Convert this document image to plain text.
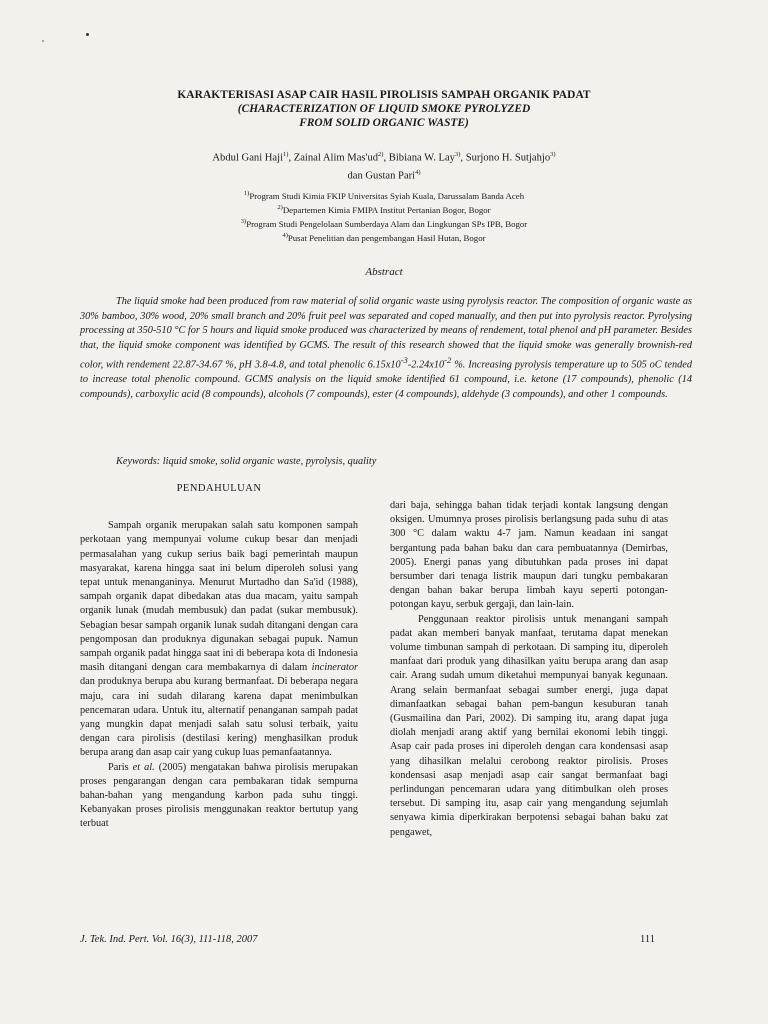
KARAKTERISASI ASAP CAIR HASIL PIROLISIS SAMPAH ORGANIK PADAT
(CHARACTERIZATION OF LIQUID SMOKE PYROLYZED
FROM SOLID ORGANIC WASTE)
Abdul Gani Haji$^{1)}$, Zainal Alim $Mas'ud^{2)}$, Bibiana W. Lay$^{3)}$, Surjono H. Sutjahjo$^{3)}$
dan Gustan Pari$^{4)}$
$^{1)}$Program Studi Kimia FKIP Universitas Syiah Kuala, Darussalam Banda Aceh
$^{2)}$Departemen Kimia FMIPA Institut Pertanian Bogor, Bogor
$^{3)}$Program Studi Pengelolaan Sumberdaya Alam dan Lingkungan SPs IPB, Bogor
$^{4)}$Pusat Penelitian dan pengembangan Hasil Hutan, Bogor
Abstract

The liquid smoke had been produced from raw material of solid organic waste using pyrolysis reactor. The composition of organic waste as 30% bamboo, 30% wood, 20% small branch and 20% fruit peel was separated and coped manually, and then put into pyrolysis reactor. Pyrolysing processing at 350-510 °C for 5 hours and liquid smoke produced was characterized by means of rendement, total phenol and pH parameter. Besides that, the liquid smoke component was identified by GCMS. The result of this research showed that the liquid smoke was generally brownish-red color, with rendement 22.87-34.67 %, pH 3.8-4.8, and total phenolic $6.15x10^{-3}-2.24x10^{-2}$ %. Increasing pyrolysis temperature up to 505 oC tended to increase total phenolic compound. GCMS analysis on the liquid smoke identified 61 compound, i.e. ketone (17 compounds), phenolic (14 compounds), carboxylic acid (8 compounds), alcohols (7 compounds), ester (4 compounds), aldehyde (3 compounds), and other 1 compounds.

Keywords: liquid smoke, solid organic waste, pyrolysis, quality
PENDAHULUAN

Sampah organik merupakan salah satu komponen sampah perkotaan yang mempunyai volume cukup besar dan menjadi permasalahan yang cukup serius baik bagi pemerintah maupun masyarakat, karena hingga saat ini belum diperoleh solusi yang tepat untuk menanganinya. Menurut Murtadho dan Sa'id (1988), sampah organik dapat dibedakan atas dua macam, yaitu sampah organik lunak (mudah membusuk) dan padat (sukar membusuk). Sebagian besar sampah organik lunak sudah ditangani dengan cara pengomposan dan produknya digunakan sebagai pupuk. Namun sampah organik padat hingga saat ini di beberapa kota di Indonesia masih ditangani dengan cara membakarnya di dalam incinerator dan produknya berupa abu kurang bermanfaat. Di beberapa negara maju, cara ini sudah dilarang karena dapat menimbulkan pencemaran udara. Untuk itu, alternatif penanganan sampah padat yang mungkin dapat menjadi salah satu solusi terbaik, yaitu dengan cara pirolisis (destilasi kering) menghasilkan produk berupa arang dan asap cair yang cukup luas pemanfaatannya.

Paris et al. (2005) mengatakan bahwa pirolisis merupakan proses pengarangan dengan cara pembakaran tidak sempurna bahan-bahan yang mengandung karbon pada suhu tinggi. Kebanyakan proses pirolisis menggunakan reaktor bertutup yang terbuat

dari baja, sehingga bahan tidak terjadi kontak langsung dengan oksigen. Umumnya proses pirolisis berlangsung pada suhu di atas 300 °C dalam waktu 4-7 jam. Namun keadaan ini sangat bergantung pada bahan baku dan cara pembuatannya (Demirbas, 2005). Energi panas yang dibutuhkan pada proses ini dapat bersumber dari tenaga listrik maupun dari tungku pembakaran dengan bahan bakar berupa limbah kayu seperti potongan-potongan kayu, serbuk gergaji, dan lain-lain.

Penggunaan reaktor pirolisis untuk menangani sampah padat akan memberi banyak manfaat, terutama dapat menekan volume timbunan sampah di perkotaan. Di samping itu, diperoleh manfaat dari produk yang dihasilkan yaitu berupa arang dan asap cair. Arang sudah umum diketahui mempunyai banyak kegunaan. Arang selain bermanfaat sebagai sumber energi, juga dapat dimanfaatkan sebagai bahan pem-bangun kesuburan tanah (Gusmailina dan Pari, 2002). Di samping itu, arang dapat juga diolah menjadi arang aktif yang bernilai ekonomi lebih tinggi. Asap cair pada proses ini diperoleh dengan cara kondensasi asap yang dihasilkan melalui cerobong reaktor pirolisis. Proses kondensasi asap menjadi asap cair sangat bermanfaat bagi perlindungan pencemaran udara yang ditimbulkan oleh proses tersebut. Di samping itu, asap cair yang mengandung sejumlah senyawa kimia diperkirakan berpotensi sebagai bahan baku zat pengawet,

J. Tek. Ind. Pert. Vol. 16(3), 111-118, 2007	111
